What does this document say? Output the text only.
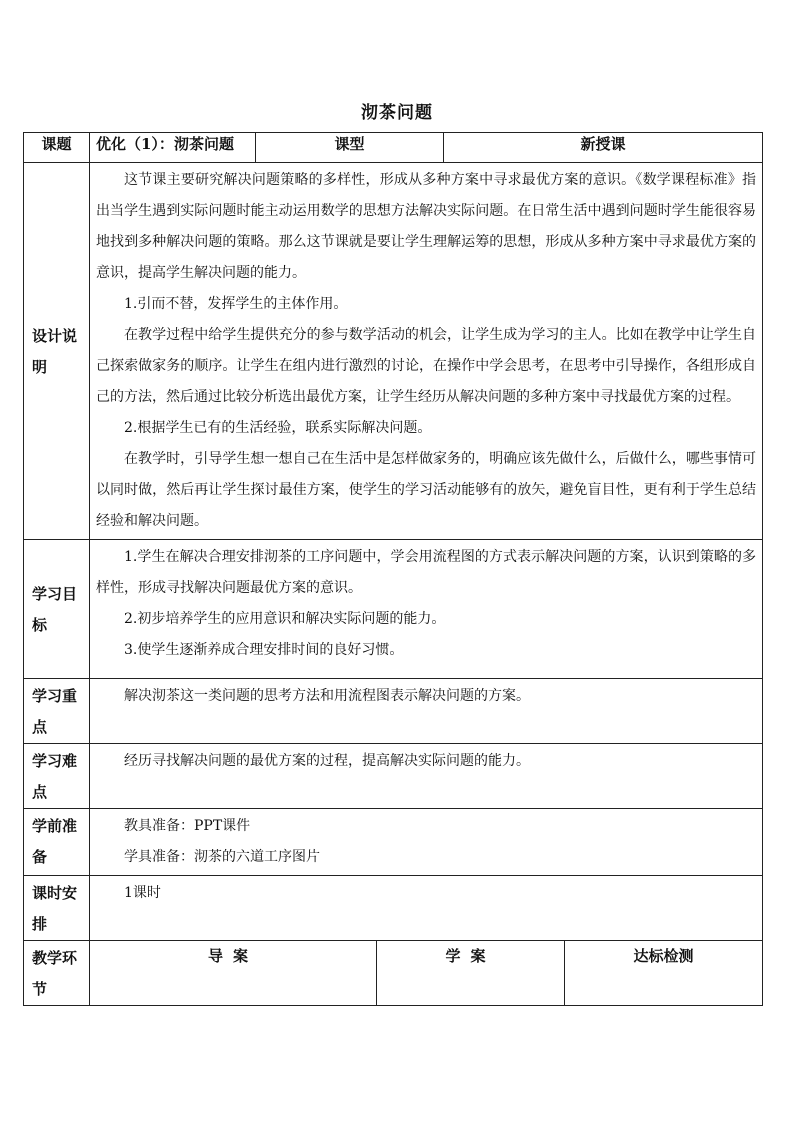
沏茶问题
课题	优化（1）：沏茶问题	课型		新授课	
设计说明	这节课主要研究解决问题策略的多样性，形成从多种方案中寻求最优方案的意识。《数学课程标准》指出当学生遇到实际问题时能主动运用数学的思想方法解决实际问题。在日常生活中遇到问题时学生能很容易地找到多种解决问题的策略。那么这节课就是要让学生理解运筹的思想，形成从多种方案中寻求最优方案的意识，提高学生解决问题的能力。

1.引而不替，发挥学生的主体作用。

在教学过程中给学生提供充分的参与数学活动的机会，让学生成为学习的主人。比如在教学中让学生自己探索做家务的顺序。让学生在组内进行激烈的讨论，在操作中学会思考，在思考中引导操作，各组形成自己的方法，然后通过比较分析选出最优方案，让学生经历从解决问题的多种方案中寻找最优方案的过程。

2.根据学生已有的生活经验，联系实际解决问题。

在教学时，引导学生想一想自己在生活中是怎样做家务的，明确应该先做什么，后做什么，哪些事情可以同时做，然后再让学生探讨最佳方案，使学生的学习活动能够有的放矢，避免盲目性，更有利于学生总结经验和解决问题。				

学习目标	1.学生在解决合理安排沏茶的工序问题中，学会用流程图的方式表示解决问题的方案，认识到策略的多样性，形成寻找解决问题最优方案的意识。

2.初步培养学生的应用意识和解决实际问题的能力。

3.使学生逐渐养成合理安排时间的良好习惯。				

学习重点	解决沏茶这一类问题的思考方法和用流程图表示解决问题的方案。				

学习难点	经历寻找解决问题的最优方案的过程，提高解决实际问题的能力。				

学前准备	教具准备：PPT课件

学具准备：沏茶的六道工序图片				

课时安排	1课时				

教学环节	导案		学案		达标检测
